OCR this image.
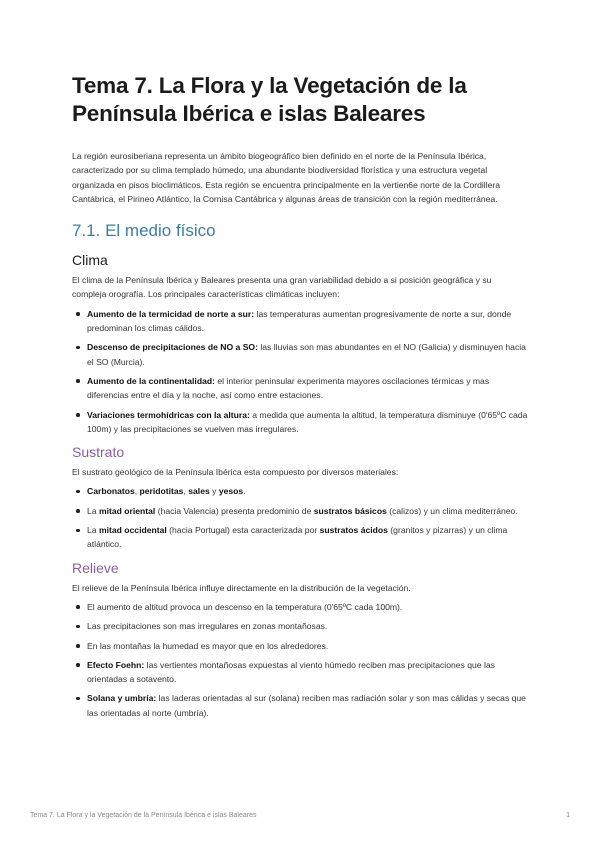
Tema 7. La Flora y la Vegetación de la Península Ibérica e islas Baleares

La región eurosiberiana representa un ámbito biogeográfico bien definido en el norte de la Península Ibérica, caracterizado por su clima templado húmedo, una abundante biodiversidad florística y una estructura vegetal organizada en pisos bioclimáticos. Esta región se encuentra principalmente en la vertien6e norte de la Cordillera Cantábrica, el Pirineo Atlántico, la Cornisa Cantábrica y algunas áreas de transición con la región mediterránea.

7.1. El medio físico
Clima

El clima de la Península Ibérica y Baleares presenta una gran variabilidad debido a si posición geográfica y su compleja orografía. Los principales características climáticas incluyen:

Aumento de la termicidad de norte a sur: las temperaturas aumentan progresivamente de norte a sur, donde predominan los climas cálidos.
Descenso de precipitaciones de NO a SO: las lluvias son mas abundantes en el NO (Galicia) y disminuyen hacia el SO (Murcia).
Aumento de la continentalidad: el interior peninsular experimenta mayores oscilaciones térmicas y mas diferencias entre el día y la noche, así como entre estaciones.
Variaciones termohídricas con la altura: a medida que aumenta la altitud, la temperatura disminuye (0'65ºC cada 100m) y las precipitaciones se vuelven mas irregulares.
Sustrato

El sustrato geológico de la Península Ibérica esta compuesto por diversos materiales:

Carbonatos, peridotitas, sales y yesos.
La mitad oriental (hacia Valencia) presenta predominio de sustratos básicos (calizos) y un clima mediterráneo.
La mitad occidental (hacia Portugal) esta caracterizada por sustratos ácidos (granitos y pizarras) y un clima atlántico.
Relieve

El relieve de la Península Ibérica influye directamente en la distribución de la vegetación.

El aumento de altitud provoca un descenso en la temperatura (0'65ºC cada 100m).
Las precipitaciones son mas irregulares en zonas montañosas.
En las montañas la humedad es mayor que en los alrededores.
Efecto Foehn: las vertientes montañosas expuestas al viento húmedo reciben mas precipitaciones que las orientadas a sotavento.
Solana y umbría: las laderas orientadas al sur (solana) reciben mas radiación solar y son mas cálidas y secas que las orientadas al norte (umbría).
Tema 7. La Flora y la Vegetación de la Península Ibérica e islas Baleares	1
